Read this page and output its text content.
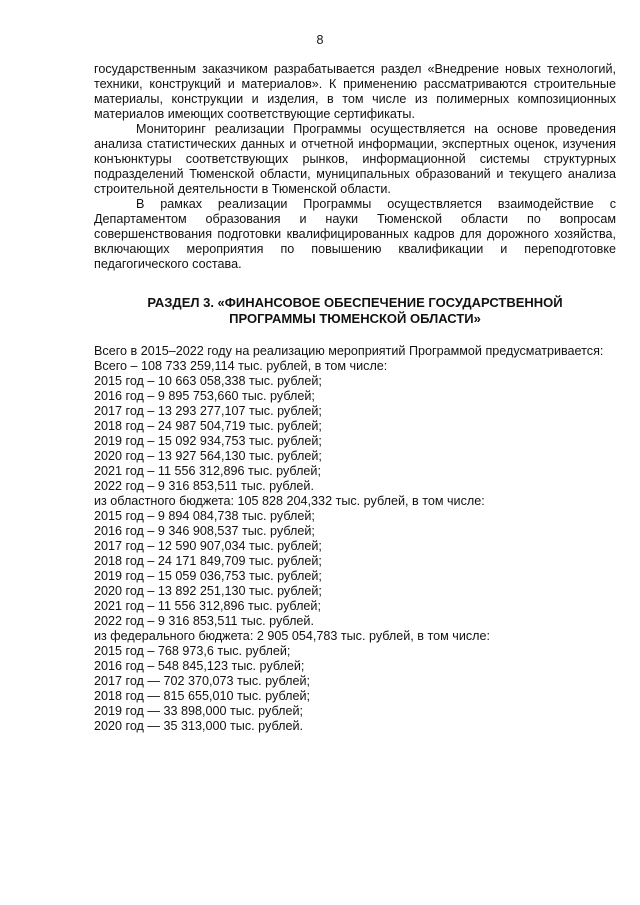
8

государственным заказчиком разрабатывается раздел «Внедрение новых технологий, техники, конструкций и материалов». К применению рассматриваются строительные материалы, конструкции и изделия, в том числе из полимерных композиционных материалов имеющих соответствующие сертификаты.

Мониторинг реализации Программы осуществляется на основе проведения анализа статистических данных и отчетной информации, экспертных оценок, изучения конъюнктуры соответствующих рынков, информационной системы структурных подразделений Тюменской области, муниципальных образований и текущего анализа строительной деятельности в Тюменской области.

В рамках реализации Программы осуществляется взаимодействие с Департаментом образования и науки Тюменской области по вопросам совершенствования подготовки квалифицированных кадров для дорожного хозяйства, включающих мероприятия по повышению квалификации и переподготовке педагогического состава.

РАЗДЕЛ 3. «ФИНАНСОВОЕ ОБЕСПЕЧЕНИЕ ГОСУДАРСТВЕННОЙ
ПРОГРАММЫ ТЮМЕНСКОЙ ОБЛАСТИ»
Всего в 2015–2022 году на реализацию мероприятий Программой предусматривается:
Всего – 108 733 259,114 тыс. рублей, в том числе:
2015 год – 10 663 058,338 тыс. рублей;
2016 год – 9 895 753,660 тыс. рублей;
2017 год – 13 293 277,107 тыс. рублей;
2018 год – 24 987 504,719 тыс. рублей;
2019 год – 15 092 934,753 тыс. рублей;
2020 год – 13 927 564,130 тыс. рублей;
2021 год – 11 556 312,896 тыс. рублей;
2022 год – 9 316 853,511 тыс. рублей.
из областного бюджета: 105 828 204,332 тыс. рублей, в том числе:
2015 год – 9 894 084,738 тыс. рублей;
2016 год – 9 346 908,537 тыс. рублей;
2017 год – 12 590 907,034 тыс. рублей;
2018 год – 24 171 849,709 тыс. рублей;
2019 год – 15 059 036,753 тыс. рублей;
2020 год – 13 892 251,130 тыс. рублей;
2021 год – 11 556 312,896 тыс. рублей;
2022 год – 9 316 853,511 тыс. рублей.
из федерального бюджета: 2 905 054,783 тыс. рублей, в том числе:
2015 год – 768 973,6 тыс. рублей;
2016 год – 548 845,123 тыс. рублей;
2017 год — 702 370,073 тыс. рублей;
2018 год — 815 655,010 тыс. рублей;
2019 год — 33 898,000 тыс. рублей;
2020 год — 35 313,000 тыс. рублей.
